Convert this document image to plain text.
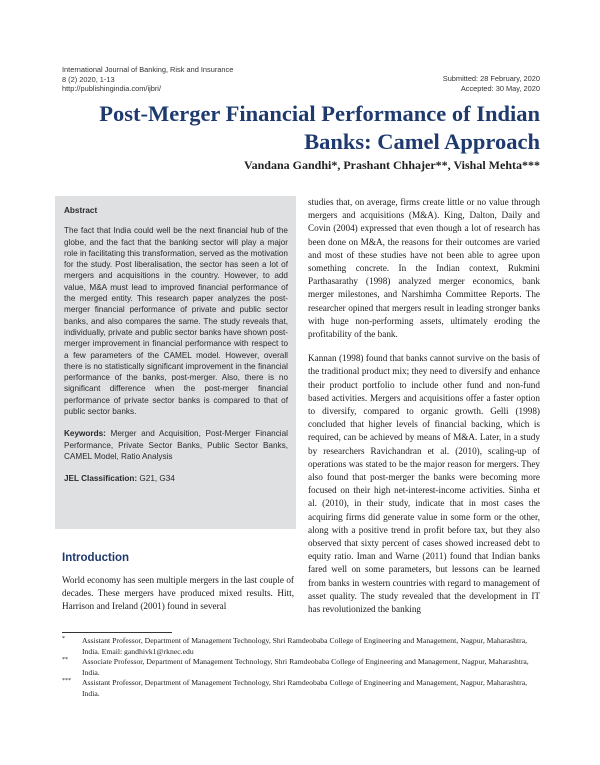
International Journal of Banking, Risk and Insurance
8 (2) 2020, 1-13
http://publishingindia.com/ijbri/
Submitted: 28 February, 2020
Accepted: 30 May, 2020
Post-Merger Financial Performance of Indian
Banks: Camel Approach
Vandana Gandhi*, Prashant Chhajer**, Vishal Mehta***
Abstract

The fact that India could well be the next financial hub of the globe, and the fact that the banking sector will play a major role in facilitating this transformation, served as the motivation for the study. Post liberalisation, the sector has seen a lot of mergers and acquisitions in the country. However, to add value, M&A must lead to improved financial performance of the merged entity. This research paper analyzes the post-merger financial performance of private and public sector banks, and also compares the same. The study reveals that, individually, private and public sector banks have shown post-merger improvement in financial performance with respect to a few parameters of the CAMEL model. However, overall there is no statistically significant improvement in the financial performance of the banks, post-merger. Also, there is no significant difference when the post-merger financial performance of private sector banks is compared to that of public sector banks.

Keywords: Merger and Acquisition, Post-Merger Financial Performance, Private Sector Banks, Public Sector Banks, CAMEL Model, Ratio Analysis
JEL Classification: G21, G34
Introduction

World economy has seen multiple mergers in the last couple of decades. These mergers have produced mixed results. Hitt, Harrison and Ireland (2001) found in several

studies that, on average, firms create little or no value through mergers and acquisitions (M&A). King, Dalton, Daily and Covin (2004) expressed that even though a lot of research has been done on M&A, the reasons for their outcomes are varied and most of these studies have not been able to agree upon something concrete. In the Indian context, Rukmini Parthasarathy (1998) analyzed merger economics, bank merger milestones, and Narshimha Committee Reports. The researcher opined that mergers result in leading stronger banks with huge non-performing assets, ultimately eroding the profitability of the bank.

Kannan (1998) found that banks cannot survive on the basis of the traditional product mix; they need to diversify and enhance their product portfolio to include other fund and non-fund based activities. Mergers and acquisitions offer a faster option to diversify, compared to organic growth. Gelli (1998) concluded that higher levels of financial backing, which is required, can be achieved by means of M&A. Later, in a study by researchers Ravichandran et al. (2010), scaling-up of operations was stated to be the major reason for mergers. They also found that post-merger the banks were becoming more focused on their high net-interest-income activities. Sinha et al. (2010), in their study, indicate that in most cases the acquiring firms did generate value in some form or the other, along with a positive trend in profit before tax, but they also observed that sixty percent of cases showed increased debt to equity ratio. Iman and Warne (2011) found that Indian banks fared well on some parameters, but lessons can be learned from banks in western countries with regard to management of asset quality. The study revealed that the development in IT has revolutionized the banking

* Assistant Professor, Department of Management Technology, Shri Ramdeobaba College of Engineering and Management, Nagpur, Maharashtra, India. Email: gandhivk1@rknec.edu
** Associate Professor, Department of Management Technology, Shri Ramdeobaba College of Engineering and Management, Nagpur, Maharashtra, India.
*** Assistant Professor, Department of Management Technology, Shri Ramdeobaba College of Engineering and Management, Nagpur, Maharashtra, India.
